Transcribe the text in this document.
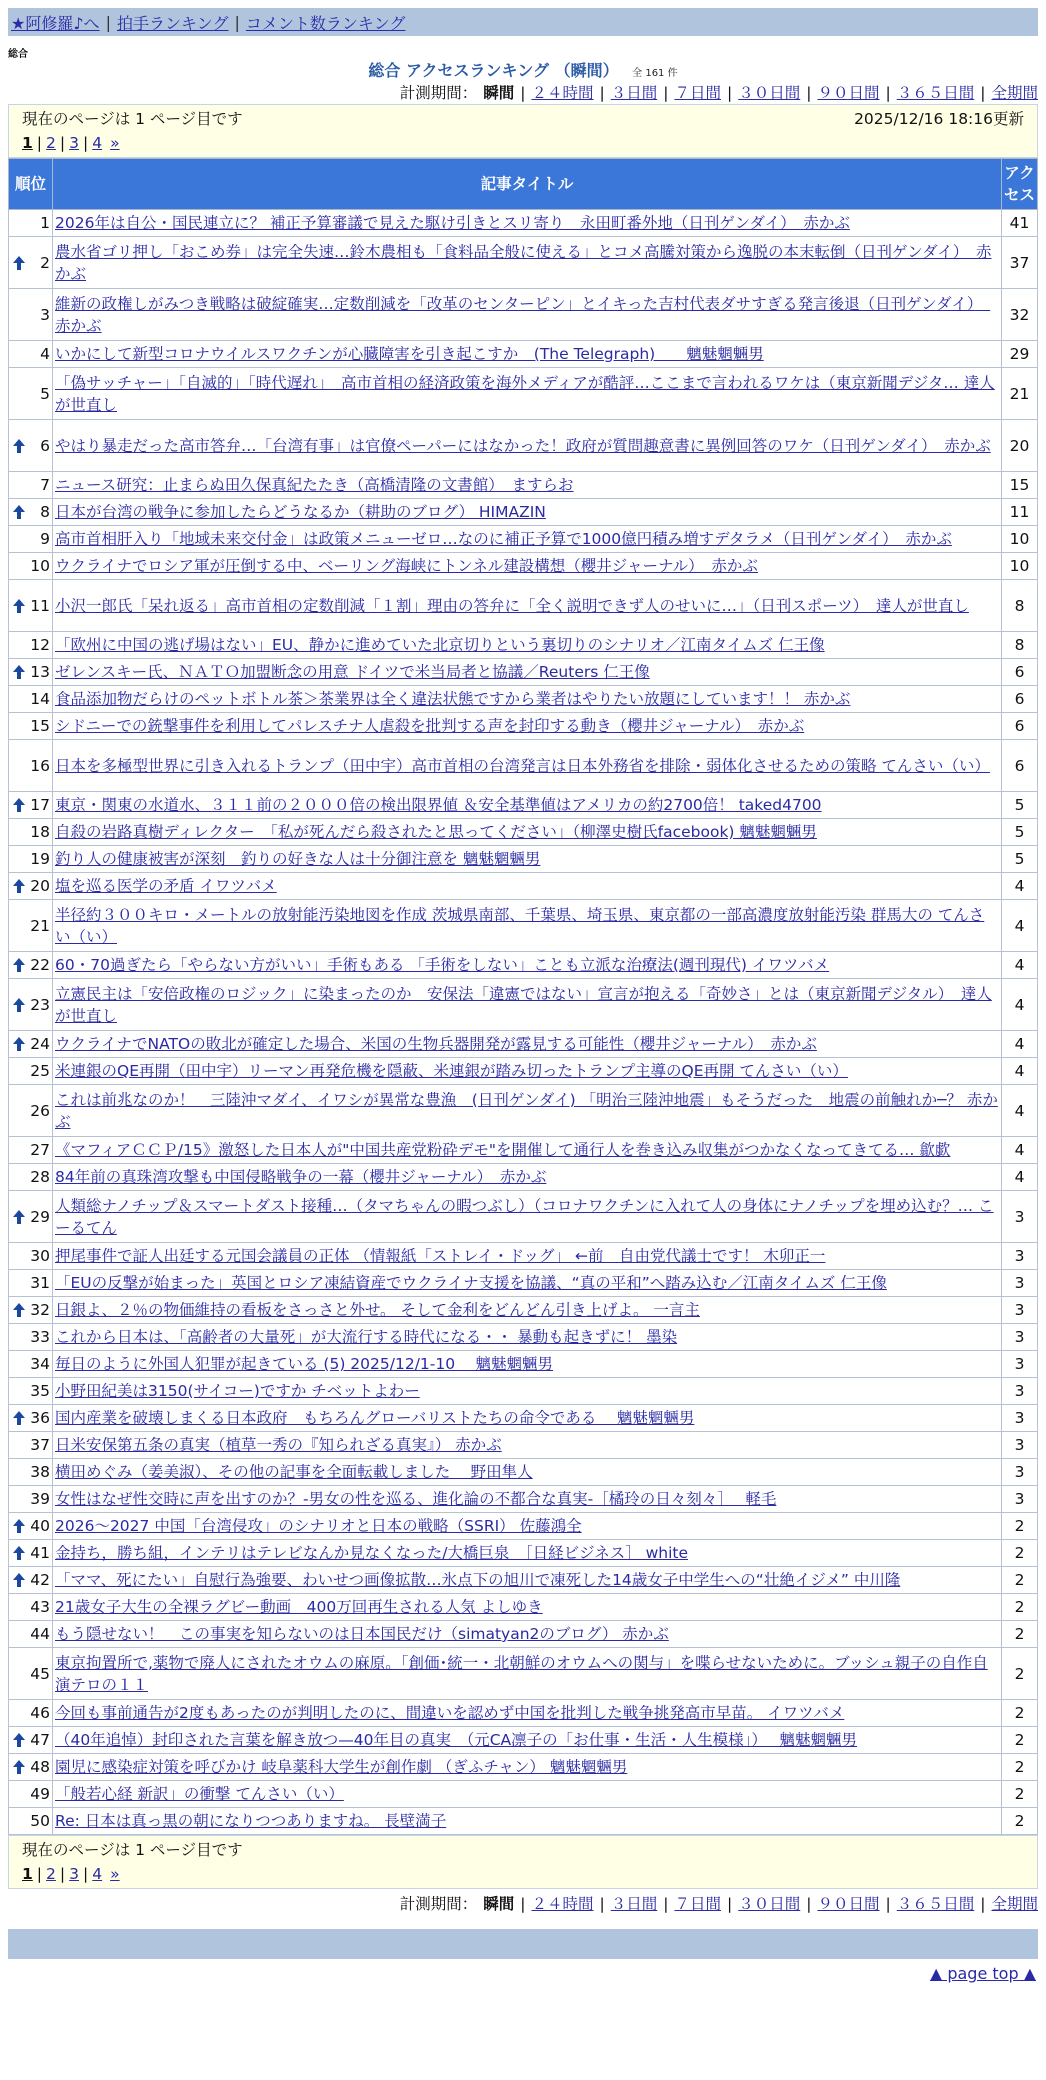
★阿修羅♪へ | 拍手ランキング | コメント数ランキング
総合
総合 アクセスランキング （瞬間） 全 161 件
計測期間： 瞬間 | ２４時間 | ３日間 | ７日間 | ３０日間 | ９０日間 | ３６５日間 | 全期間
現在のページは 1 ページ目です	2025/12/16 18:16更新
1 | 2 | 3 | 4 »
順位	記事タイトル	アクセス
1	2026年は自公・国民連立に？ 補正予算審議で見えた駆け引きとスリ寄り　永田町番外地（日刊ゲンダイ）　赤かぶ	41

2	農水省ゴリ押し「おこめ券」は完全失速…鈴木農相も「食料品全般に使える」とコメ高騰対策から逸脱の本末転倒（日刊ゲンダイ）　赤かぶ	37
3	維新の政権しがみつき戦略は破綻確実…定数削減を「改革のセンターピン」とイキった吉村代表ダサすぎる発言後退（日刊ゲンダイ）　赤かぶ	32
4	いかにして新型コロナウイルスワクチンが心臓障害を引き起こすか　(The Telegraph)　　魑魅魍魎男	29
5	「偽サッチャー」「自滅的」「時代遅れ」　高市首相の経済政策を海外メディアが酷評…ここまで言われるワケは（東京新聞デジタ… 達人が世直し	21

6	やはり暴走だった高市答弁…「台湾有事」は官僚ペーパーにはなかった！政府が質問趣意書に異例回答のワケ（日刊ゲンダイ）　赤かぶ	20
7	ニュース研究：止まらぬ田久保真紀たたき（高橋清隆の文書館）　ますらお	15

8	日本が台湾の戦争に参加したらどうなるか（耕助のブログ） HIMAZIN	11
9	高市首相肝入り「地域未来交付金」は政策メニューゼロ…なのに補正予算で1000億円積み増すデタラメ（日刊ゲンダイ）　赤かぶ	10
10	ウクライナでロシア軍が圧倒する中、ベーリング海峡にトンネル建設構想（櫻井ジャーナル）　赤かぶ	10

11	小沢一郎氏「呆れ返る」高市首相の定数削減「１割」理由の答弁に「全く説明できず人のせいに…」（日刊スポーツ）　達人が世直し	8
12	「欧州に中国の逃げ場はない」EU、静かに進めていた北京切りという裏切りのシナリオ／江南タイムズ 仁王像	8

13	ゼレンスキー氏、ＮＡＴＯ加盟断念の用意 ドイツで米当局者と協議／Reuters 仁王像	6
14	食品添加物だらけのペットボトル茶＞茶業界は全く違法状態ですから業者はやりたい放題にしています！！ 赤かぶ	6
15	シドニーでの銃撃事件を利用してパレスチナ人虐殺を批判する声を封印する動き（櫻井ジャーナル）　赤かぶ	6
16	日本を多極型世界に引き入れるトランプ（田中宇）高市首相の台湾発言は日本外務省を排除・弱体化させるための策略 てんさい（い）	6

17	東京・関東の水道水、３１１前の２０００倍の検出限界値 ＆安全基準値はアメリカの約2700倍！ taked4700	5
18	自殺の岩路真樹ディレクター　「私が死んだら殺されたと思ってください」（柳澤史樹氏facebook) 魑魅魍魎男	5
19	釣り人の健康被害が深刻　釣りの好きな人は十分御注意を 魑魅魍魎男	5

20	塩を巡る医学の矛盾 イワツバメ	4
21	半径約３００キロ・メートルの放射能汚染地図を作成 茨城県南部、千葉県、埼玉県、東京都の一部高濃度放射能汚染 群馬大の てんさい（い）	4

22	60・70過ぎたら「やらない方がいい」手術もある 「手術をしない」ことも立派な治療法(週刊現代) イワツバメ	4

23	立憲民主は「安倍政権のロジック」に染まったのか　安保法「違憲ではない」宣言が抱える「奇妙さ」とは（東京新聞デジタル）　達人が世直し	4

24	ウクライナでNATOの敗北が確定した場合、米国の生物兵器開発が露見する可能性（櫻井ジャーナル）　赤かぶ	4
25	米連銀のQE再開（田中宇）リーマン再発危機を隠蔽、米連銀が踏み切ったトランプ主導のQE再開 てんさい（い）	4
26	これは前兆なのか！　三陸沖マダイ、イワシが異常な豊漁　(日刊ゲンダイ) 「明治三陸沖地震」もそうだった　地震の前触れか─？ 赤かぶ	4
27	《マフィアＣＣＰ/15》激怒した日本人が"中国共産党粉砕デモ"を開催して通行人を巻き込み収集がつかなくなってきてる… 歙歔	4
28	84年前の真珠湾攻撃も中国侵略戦争の一幕（櫻井ジャーナル）　赤かぶ	4

29	人類総ナノチップ＆スマートダスト接種…（タマちゃんの暇つぶし）（コロナワクチンに入れて人の身体にナノチップを埋め込む？… こーるてん	3
30	押尾事件で証人出廷する元国会議員の正体 （情報紙「ストレイ・ドッグ」 ←前　自由党代議士です！ 木卯正一	3
31	「EUの反撃が始まった」英国とロシア凍結資産でウクライナ支援を協議、“真の平和”へ踏み込む／江南タイムズ 仁王像	3

32	日銀よ、２％の物価維持の看板をさっさと外せ。 そして金利をどんどん引き上げよ。 一言主	3
33	これから日本は、「高齢者の大量死」が大流行する時代になる・・ 暴動も起きずに！ 墨染	3
34	毎日のように外国人犯罪が起きている (5) 2025/12/1-10　 魑魅魍魎男	3
35	小野田紀美は3150(サイコー)ですか チベットよわー	3

36	国内産業を破壊しまくる日本政府　もちろんグローバリストたちの命令である　 魑魅魍魎男	3
37	日米安保第五条の真実（植草一秀の『知られざる真実』） 赤かぶ	3
38	横田めぐみ（姜美淑）、その他の記事を全面転載しました　 野田隼人	3
39	女性はなぜ性交時に声を出すのか？-男女の性を巡る、進化論の不都合な真実-［橘玲の日々刻々］　 軽毛	3

40	2026～2027 中国「台湾侵攻」のシナリオと日本の戦略（SSRI） 佐藤鴻全	2

41	金持ち，勝ち組，インテリはテレビなんか見なくなった/大橋巨泉　［日経ビジネス］ white	2

42	「ママ、死にたい」自慰行為強要、わいせつ画像拡散…氷点下の旭川で凍死した14歳女子中学生への“壮絶イジメ” 中川隆	2
43	21歳女子大生の全裸ラグビー動画　400万回再生される人気 よしゆき	2
44	もう隠せない！　この事実を知らないのは日本国民だけ（simatyan2のブログ） 赤かぶ	2
45	東京拘置所で,薬物で廃人にされたオウムの麻原。「創価･統一・北朝鮮のオウムへの関与」を喋らせないために。ブッシュ親子の自作自演テロの１１	2
46	今回も事前通告が2度もあったのが判明したのに、間違いを認めず中国を批判した戦争挑発高市早苗。 イワツバメ	2

47	（40年追悼）封印された言葉を解き放つ—40年目の真実　（元CA凛子の「お仕事・生活・人生模様」）　 魑魅魍魎男	2

48	園児に感染症対策を呼びかけ 岐阜薬科大学生が創作劇 （ぎふチャン） 魑魅魍魎男	2
49	「般若心経 新訳」の衝撃 てんさい（い）	2
50	Re: 日本は真っ黒の朝になりつつありますね。 長壁満子	2
現在のページは 1 ページ目です
1 | 2 | 3 | 4 »
計測期間： 瞬間 | ２４時間 | ３日間 | ７日間 | ３０日間 | ９０日間 | ３６５日間 | 全期間
▲ page top ▲
